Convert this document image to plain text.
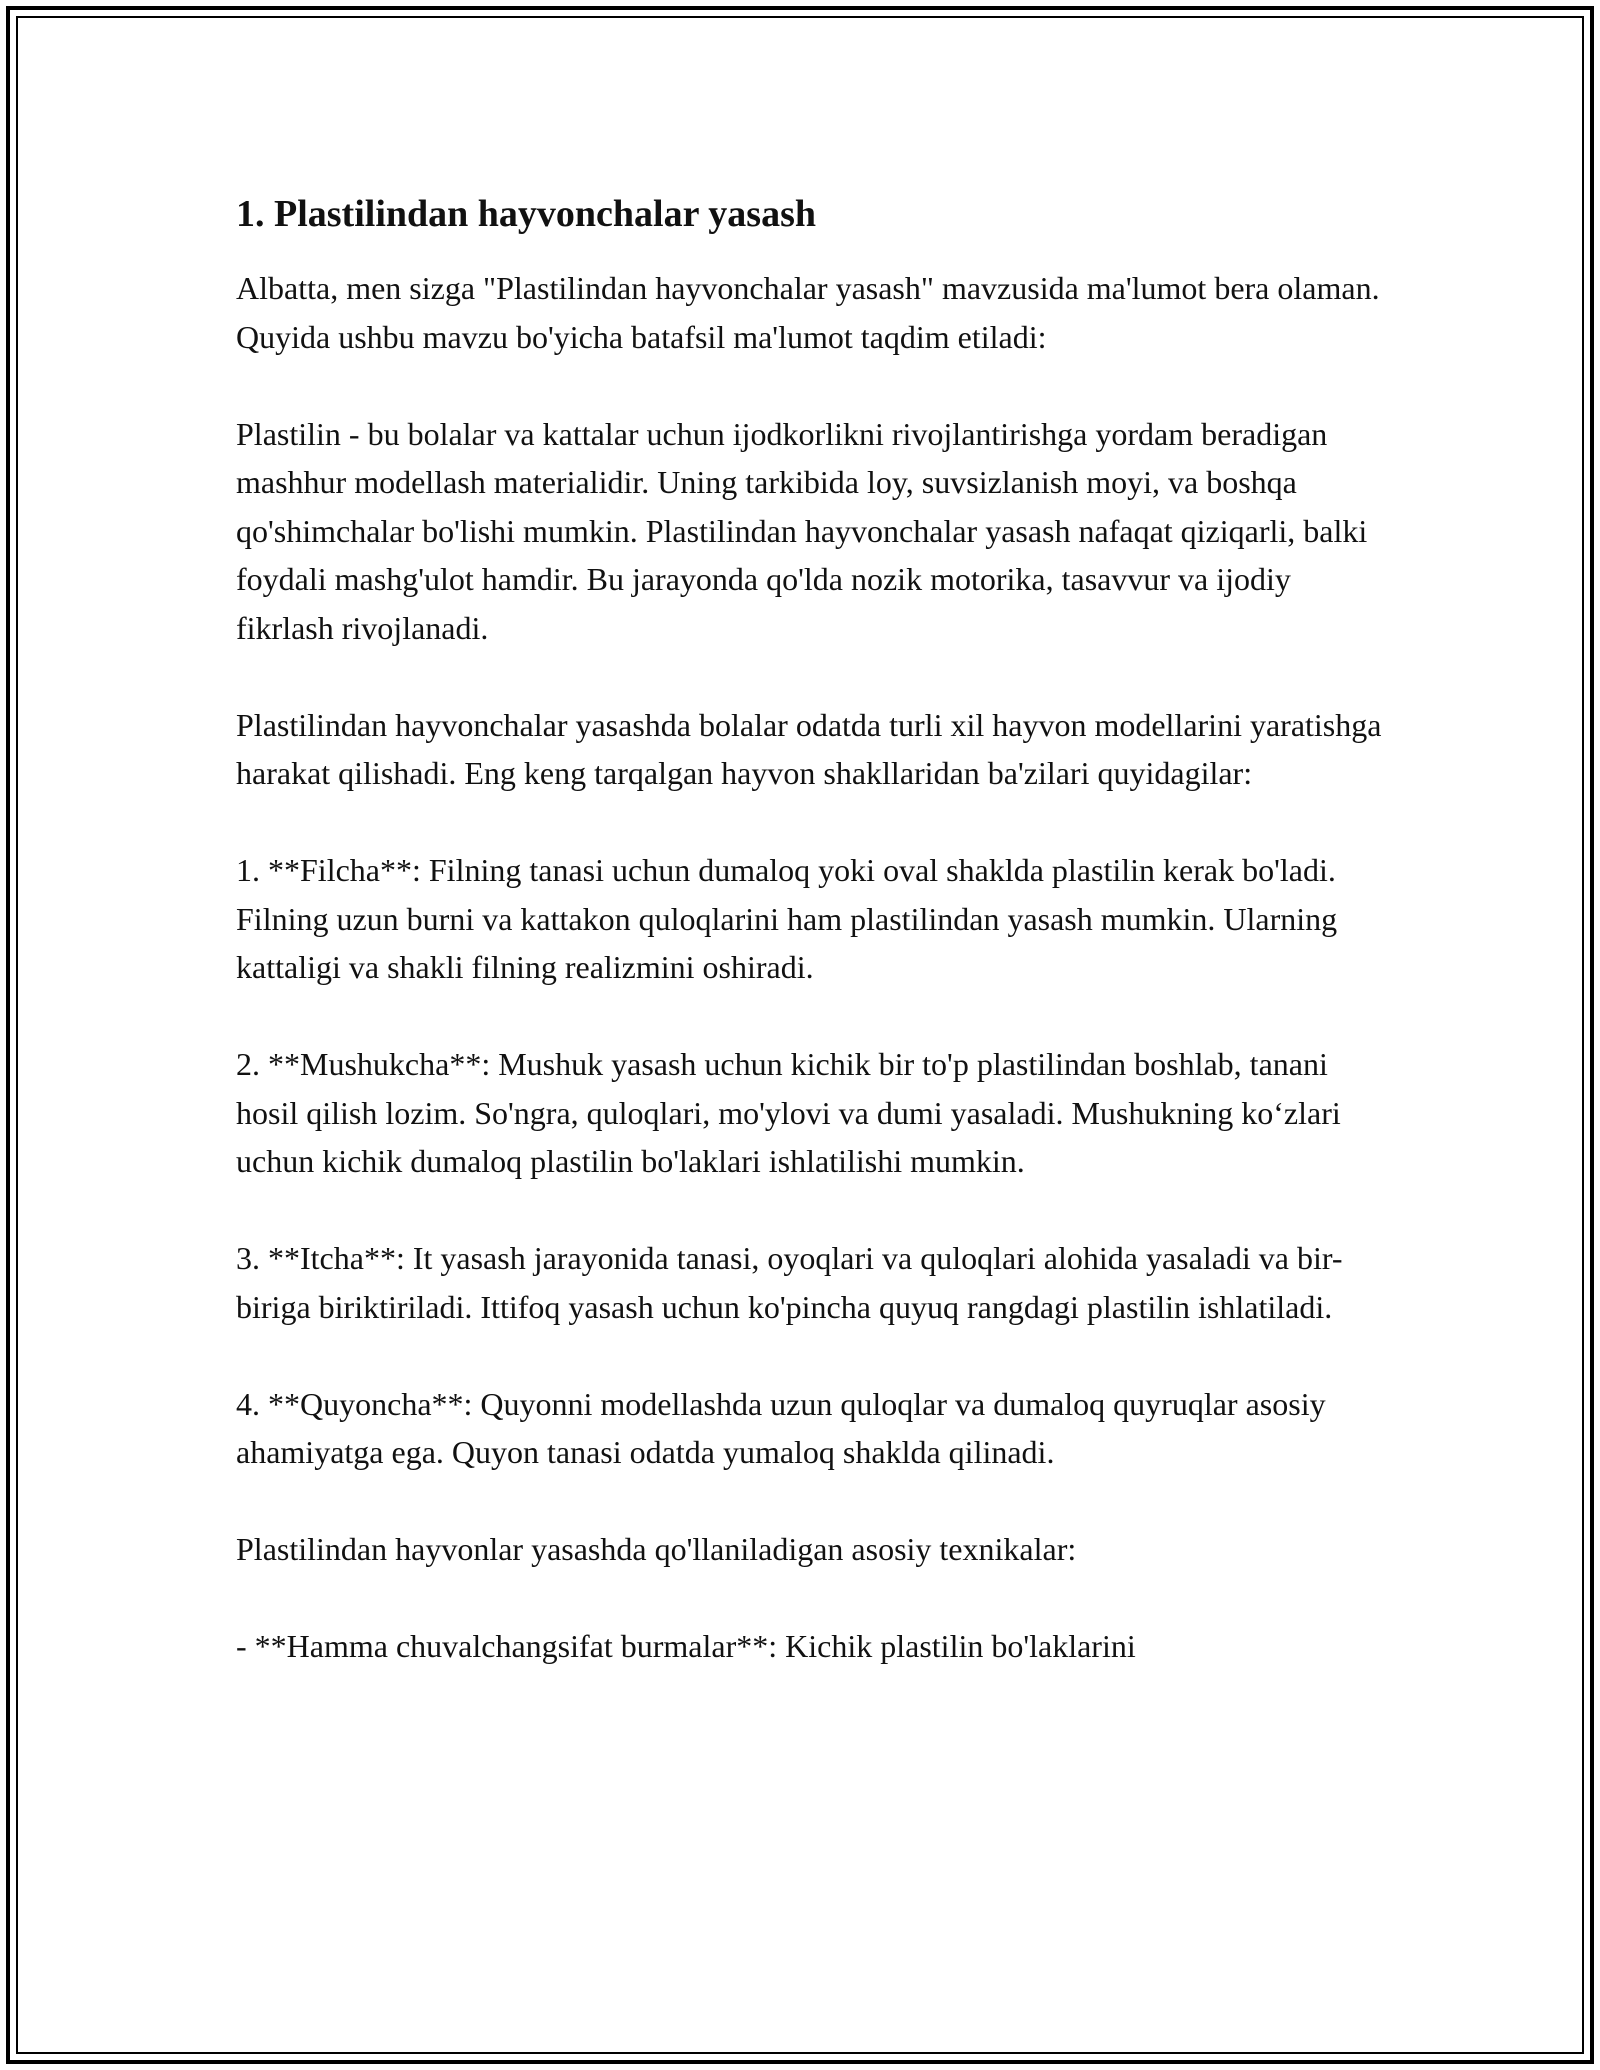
1. Plastilindan hayvonchalar yasash

Albatta, men sizga "Plastilindan hayvonchalar yasash" mavzusida ma'lumot bera olaman. Quyida ushbu mavzu bo'yicha batafsil ma'lumot taqdim etiladi:

Plastilin - bu bolalar va kattalar uchun ijodkorlikni rivojlantirishga yordam beradigan mashhur modellash materialidir. Uning tarkibida loy, suvsizlanish moyi, va boshqa qo'shimchalar bo'lishi mumkin. Plastilindan hayvonchalar yasash nafaqat qiziqarli, balki foydali mashg'ulot hamdir. Bu jarayonda qo'lda nozik motorika, tasavvur va ijodiy fikrlash rivojlanadi.

Plastilindan hayvonchalar yasashda bolalar odatda turli xil hayvon modellarini yaratishga harakat qilishadi. Eng keng tarqalgan hayvon shakllaridan ba'zilari quyidagilar:

1. **Filcha**: Filning tanasi uchun dumaloq yoki oval shaklda plastilin kerak bo'ladi. Filning uzun burni va kattakon quloqlarini ham plastilindan yasash mumkin. Ularning kattaligi va shakli filning realizmini oshiradi.

2. **Mushukcha**: Mushuk yasash uchun kichik bir to'p plastilindan boshlab, tanani hosil qilish lozim. So'ngra, quloqlari, mo'ylovi va dumi yasaladi. Mushukning ko‘zlari uchun kichik dumaloq plastilin bo'laklari ishlatilishi mumkin.

3. **Itcha**: It yasash jarayonida tanasi, oyoqlari va quloqlari alohida yasaladi va bir-biriga biriktiriladi. Ittifoq yasash uchun ko'pincha quyuq rangdagi plastilin ishlatiladi.

4. **Quyoncha**: Quyonni modellashda uzun quloqlar va dumaloq quyruqlar asosiy ahamiyatga ega. Quyon tanasi odatda yumaloq shaklda qilinadi.

Plastilindan hayvonlar yasashda qo'llaniladigan asosiy texnikalar:

- **Hamma chuvalchangsifat burmalar**: Kichik plastilin bo'laklarini
